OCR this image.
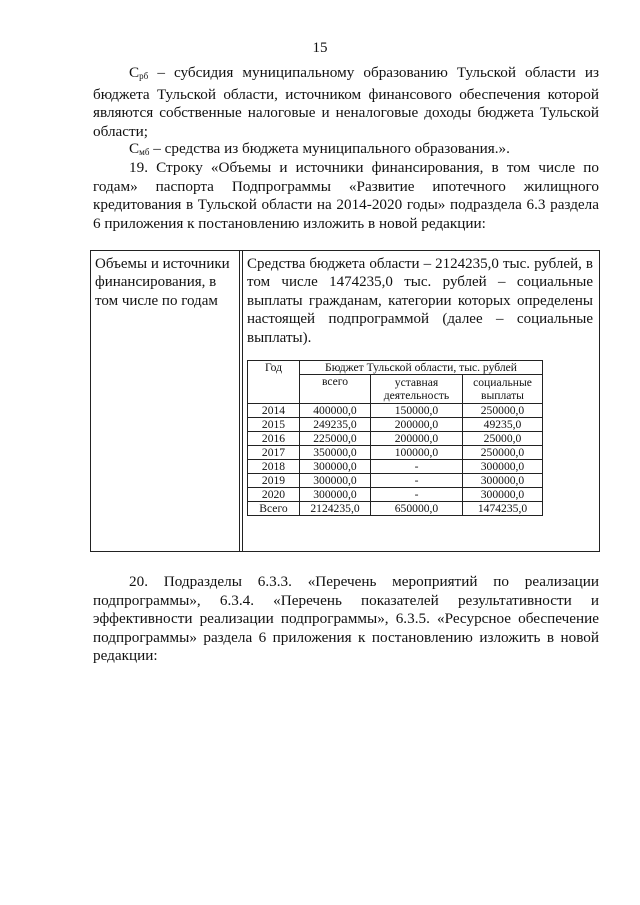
15
Срб – субсидия муниципальному образованию Тульской области из бюджета Тульской области, источником финансового обеспечения которой являются собственные налоговые и неналоговые доходы бюджета Тульской области;
Смб – средства из бюджета муниципального образования.».
19. Строку «Объемы и источники финансирования, в том числе по годам» паспорта Подпрограммы «Развитие ипотечного жилищного кредитования в Тульской области на 2014-2020 годы» подраздела 6.3 раздела 6 приложения к постановлению изложить в новой редакции:
Объемы и источники финансирования, в том числе по годам
Средства бюджета области – 2124235,0 тыс. рублей, в том числе 1474235,0 тыс. рублей – социальные выплаты гражданам, категории которых определены настоящей подпрограммой (далее – социальные выплаты).
Год	Бюджет Тульской области, тыс. рублей		
	всего	уставная деятельность	социальные выплаты
2014	400000,0	150000,0	250000,0
2015	249235,0	200000,0	49235,0
2016	225000,0	200000,0	25000,0
2017	350000,0	100000,0	250000,0
2018	300000,0	-	300000,0
2019	300000,0	-	300000,0
2020	300000,0	-	300000,0
Всего	2124235,0	650000,0	1474235,0
20. Подразделы 6.3.3. «Перечень мероприятий по реализации подпрограммы», 6.3.4. «Перечень показателей результативности и эффективности реализации подпрограммы», 6.3.5. «Ресурсное обеспечение подпрограммы» раздела 6 приложения к постановлению изложить в новой редакции:
